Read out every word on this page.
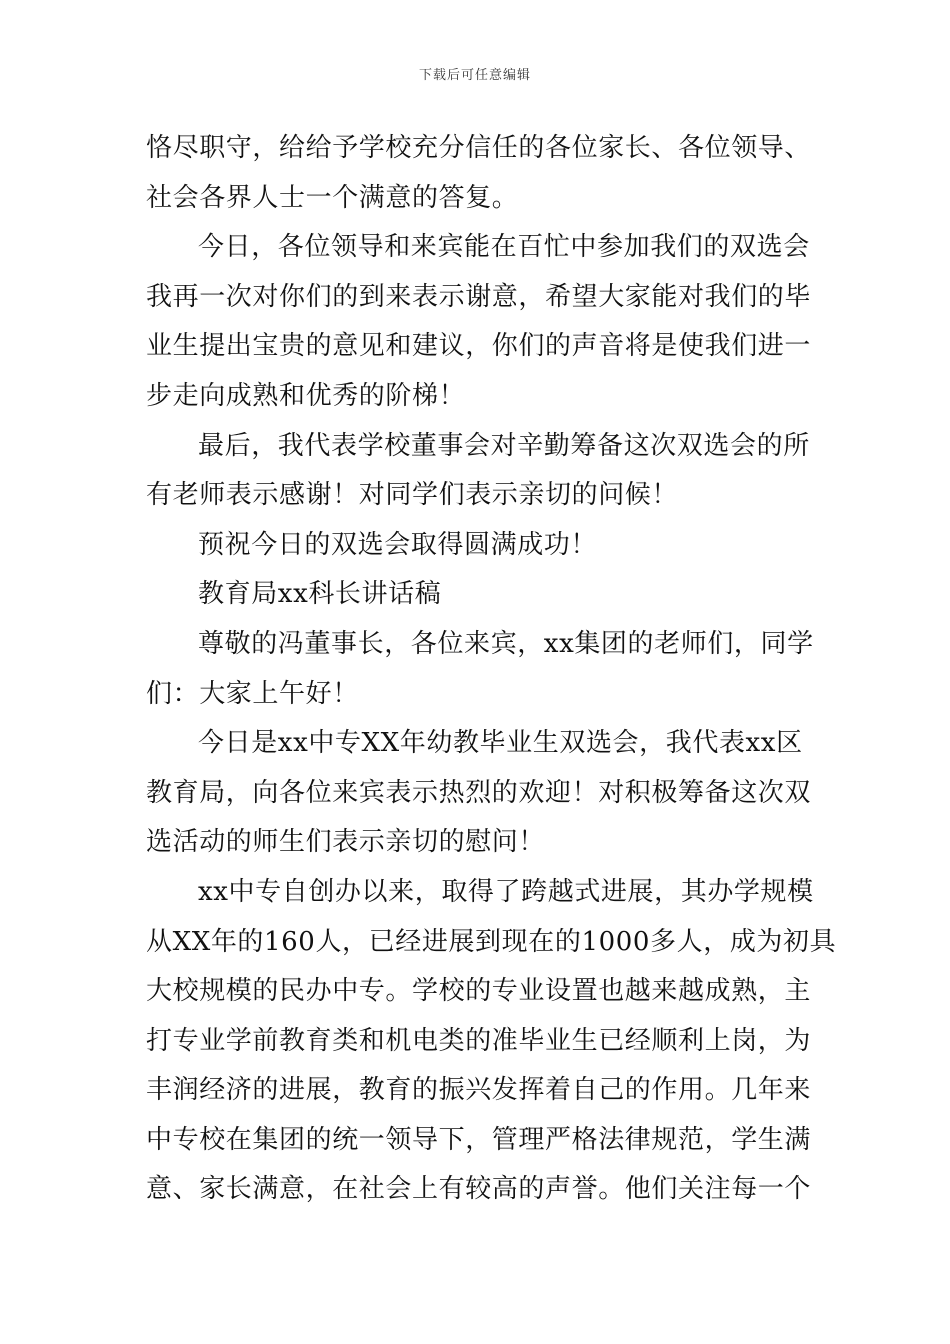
下载后可任意编辑
恪尽职守，给给予学校充分信任的各位家长、各位领导、
社会各界人士一个满意的答复。
今日，各位领导和来宾能在百忙中参加我们的双选会
我再一次对你们的到来表示谢意，希望大家能对我们的毕
业生提出宝贵的意见和建议，你们的声音将是使我们进一
步走向成熟和优秀的阶梯！
最后，我代表学校董事会对辛勤筹备这次双选会的所
有老师表示感谢！对同学们表示亲切的问候！
预祝今日的双选会取得圆满成功！
教育局xx科长讲话稿
尊敬的冯董事长，各位来宾，xx集团的老师们，同学
们：大家上午好！
今日是xx中专XX年幼教毕业生双选会，我代表xx区
教育局，向各位来宾表示热烈的欢迎！对积极筹备这次双
选活动的师生们表示亲切的慰问！
xx中专自创办以来，取得了跨越式进展，其办学规模
从XX年的160人，已经进展到现在的1000多人，成为初具
大校规模的民办中专。学校的专业设置也越来越成熟，主
打专业学前教育类和机电类的准毕业生已经顺利上岗，为
丰润经济的进展，教育的振兴发挥着自己的作用。几年来
中专校在集团的统一领导下，管理严格法律规范，学生满
意、家长满意，在社会上有较高的声誉。他们关注每一个
